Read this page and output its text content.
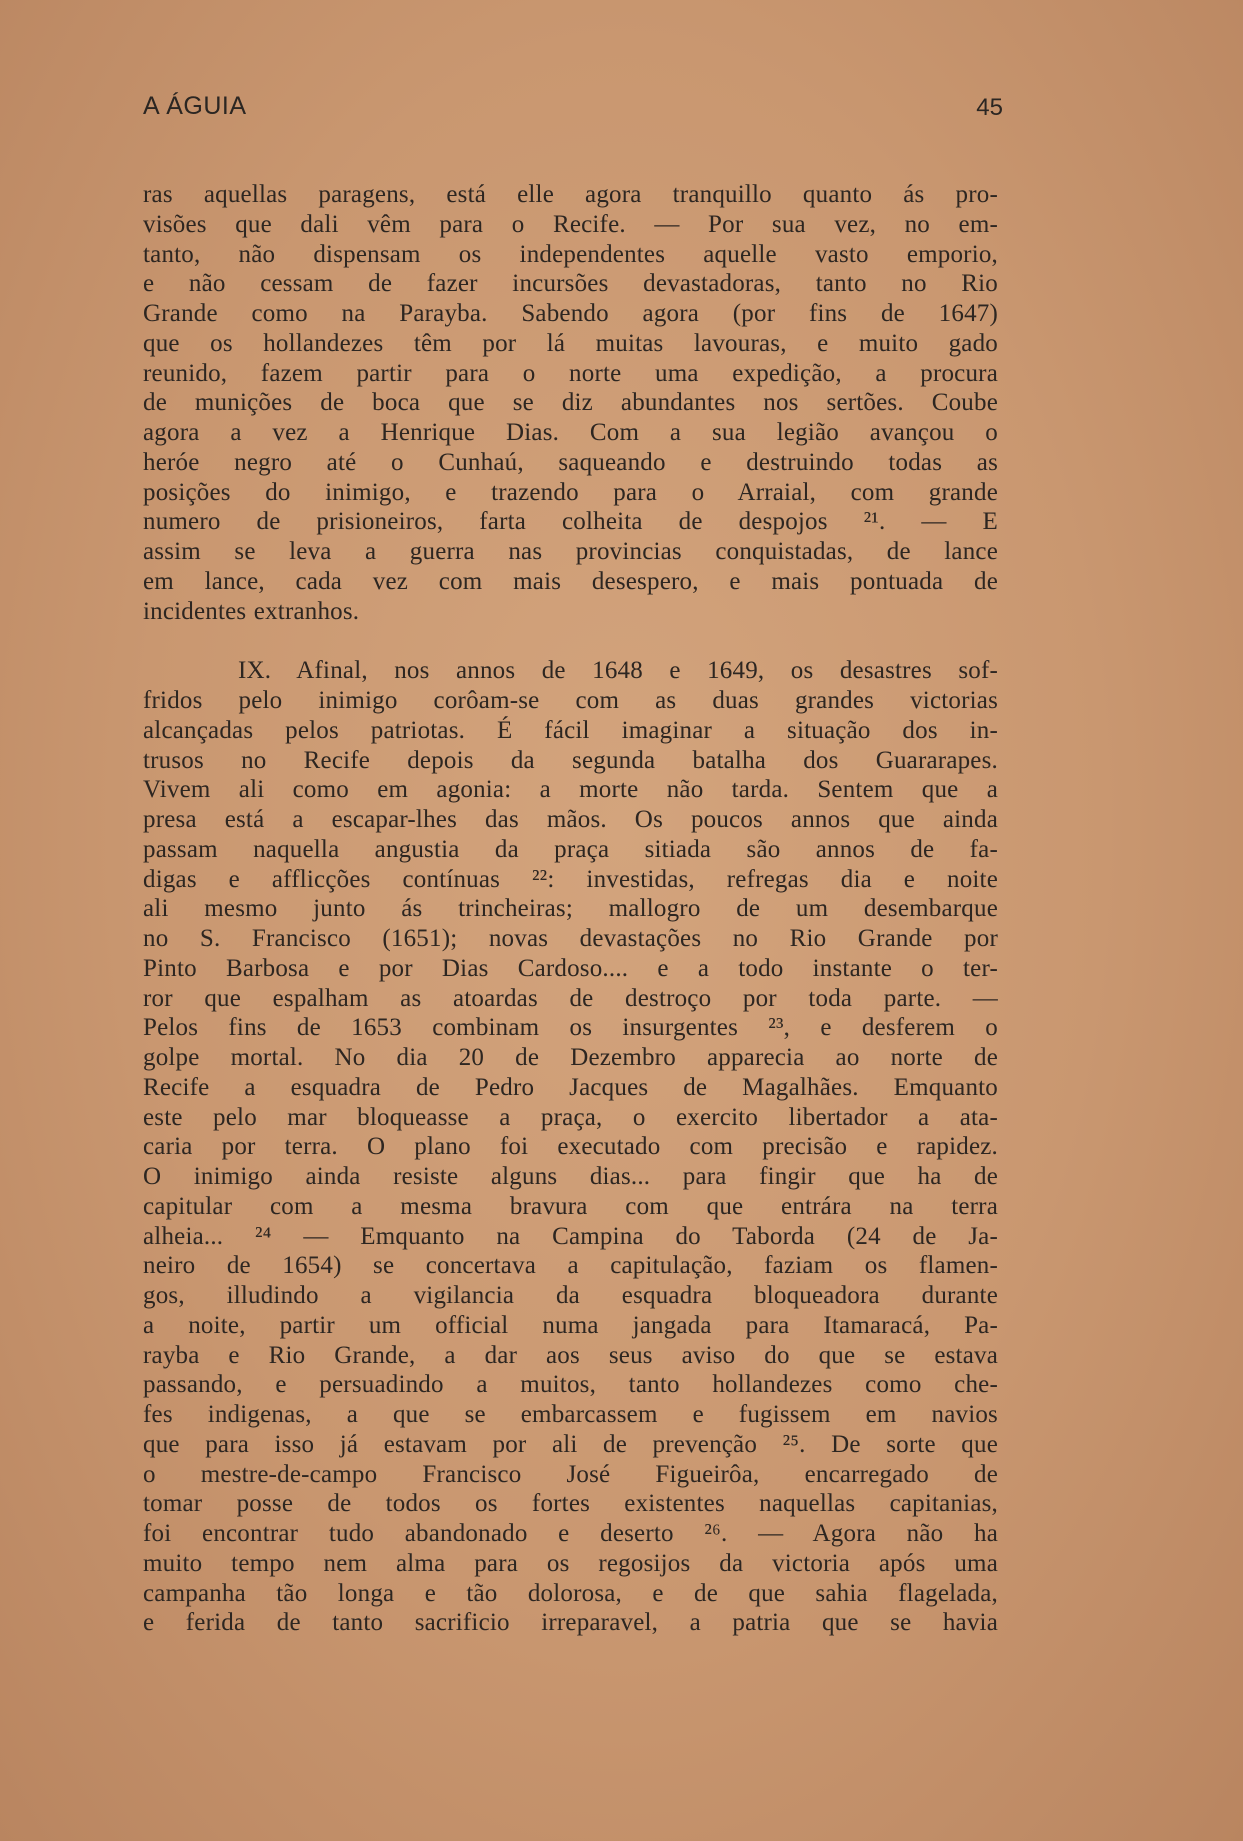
A ÁGUIA	45
ras aquellas paragens, está elle agora tranquillo quanto ás pro-
visões que dali vêm para o Recife. — Por sua vez, no em-
tanto, não dispensam os independentes aquelle vasto emporio,
e não cessam de fazer incursões devastadoras, tanto no Rio
Grande como na Parayba. Sabendo agora (por fins de 1647)
que os hollandezes têm por lá muitas lavouras, e muito gado
reunido, fazem partir para o norte uma expedição, a procura
de munições de boca que se diz abundantes nos sertões. Coube
agora a vez a Henrique Dias. Com a sua legião avançou o
heróe negro até o Cunhaú, saqueando e destruindo todas as
posições do inimigo, e trazendo para o Arraial, com grande
numero de prisioneiros, farta colheita de despojos ²¹. — E
assim se leva a guerra nas provincias conquistadas, de lance
em lance, cada vez com mais desespero, e mais pontuada de
incidentes extranhos.
IX. Afinal, nos annos de 1648 e 1649, os desastres sof-
fridos pelo inimigo corôam-se com as duas grandes victorias
alcançadas pelos patriotas. É fácil imaginar a situação dos in-
trusos no Recife depois da segunda batalha dos Guararapes.
Vivem ali como em agonia: a morte não tarda. Sentem que a
presa está a escapar-lhes das mãos. Os poucos annos que ainda
passam naquella angustia da praça sitiada são annos de fa-
digas e afflicções contínuas ²²: investidas, refregas dia e noite
ali mesmo junto ás trincheiras; mallogro de um desembarque
no S. Francisco (1651); novas devastações no Rio Grande por
Pinto Barbosa e por Dias Cardoso.... e a todo instante o ter-
ror que espalham as atoardas de destroço por toda parte. —
Pelos fins de 1653 combinam os insurgentes ²³, e desferem o
golpe mortal. No dia 20 de Dezembro apparecia ao norte de
Recife a esquadra de Pedro Jacques de Magalhães. Emquanto
este pelo mar bloqueasse a praça, o exercito libertador a ata-
caria por terra. O plano foi executado com precisão e rapidez.
O inimigo ainda resiste alguns dias... para fingir que ha de
capitular com a mesma bravura com que entrára na terra
alheia... ²⁴ — Emquanto na Campina do Taborda (24 de Ja-
neiro de 1654) se concertava a capitulação, faziam os flamen-
gos, illudindo a vigilancia da esquadra bloqueadora durante
a noite, partir um official numa jangada para Itamaracá, Pa-
rayba e Rio Grande, a dar aos seus aviso do que se estava
passando, e persuadindo a muitos, tanto hollandezes como che-
fes indigenas, a que se embarcassem e fugissem em navios
que para isso já estavam por ali de prevenção ²⁵. De sorte que
o mestre-de-campo Francisco José Figueirôa, encarregado de
tomar posse de todos os fortes existentes naquellas capitanias,
foi encontrar tudo abandonado e deserto ²⁶. — Agora não ha
muito tempo nem alma para os regosijos da victoria após uma
campanha tão longa e tão dolorosa, e de que sahia flagelada,
e ferida de tanto sacrificio irreparavel, a patria que se havia
